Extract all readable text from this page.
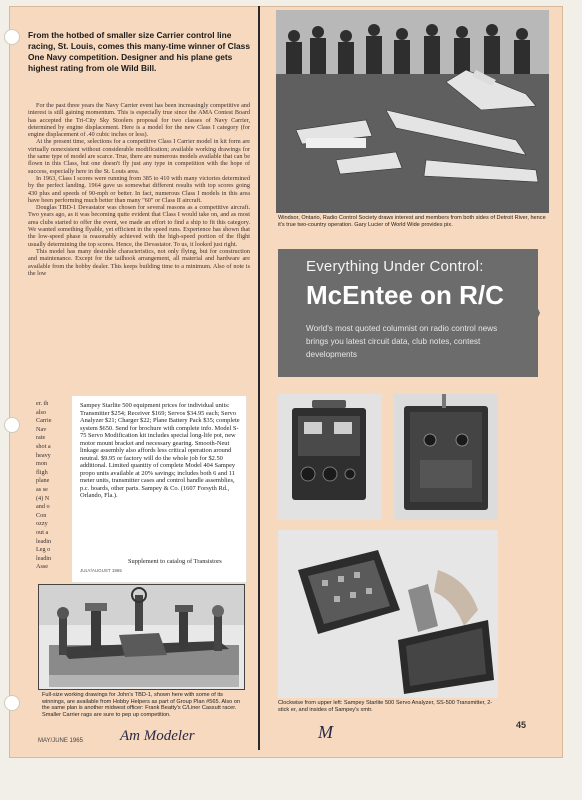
From the hotbed of smaller size Carrier control line racing, St. Louis, comes this many-time winner of Class One Navy competition. Designer and his plane gets highest rating from ole Wild Bill.

For the past three years the Navy Carrier event has been increasingly competitive and interest is still gaining momentum. This is especially true since the AMA Contest Board has accepted the Tri-City Sky Stoolers proposal for two classes of Navy Carrier, determined by engine displacement. Here is a model for the new Class I category (for engine displacement of .40 cubic inches or less).

At the present time, selections for a competitive Class I Carrier model in kit form are virtually nonexistent without considerable modification; available working drawings for the same type of model are scarce. True, there are numerous models available that can be flown in this Class, but one doesn't fly just any type in competition with the hope of success, especially here in the St. Louis area.

In 1963, Class I scores were running from 385 to 410 with many victories determined by the perfect landing. 1964 gave us somewhat different results with top scores going 430 plus and speeds of 90-mph or better. In fact, numerous Class I models in this area have been performing much better than many "60" or Class II aircraft.

Douglas TBD-1 Devastator was chosen for several reasons as a competitive aircraft. Two years ago, as it was becoming quite evident that Class I would take on, and as most area clubs started to offer the event, we made an effort to find a ship to fit this category. We wanted something flyable, yet efficient in the speed runs. Experience has shown that the low-speed phase is reasonably achieved with the high-speed portion of the flight usually determining the top scores. Hence, the Devastator. To us, it looked just right.

This model has many desirable characteristics, not only flying, but for construction and maintenance. Except for the tailhook arrangement, all material and hardware are available from the hobby dealer. This keeps building time to a minimum. Also of note is the low

er. th
also
Carrie
Nav
rate
shot a
heavy
mon
fligh
plane
as se
(4) N
and o
Con
ozzy
out a
leadin
Leg o
leadin
Asse
Sampey Starlite 500 equipment prices for individual units: Transmitter $254; Receiver $169; Servos $34.95 each; Servo Analyzer $21; Charger $22; Plane Battery Pack $35; complete system $650. Send for brochure with complete info. Model S-75 Servo Modification kit includes special long-life pot, new motor mount bracket and necessary gearing. Smooth-Neut linkage assembly also affords less critical operation around neutral. $9.95 or factory will do the whole job for $2.50 additional. Limited quantity of complete Model 404 Sampey propo units available at 20% savings; includes both 6 and 11 meter units, transmitter cases and control handle assemblies, p.c. boards, other parts. Sampey & Co. (1607 Forsyth Rd., Orlando, Fla.).
Supplement to catalog of Transistors
JULY/AUGUST 1965
Full-size working drawings for John's TBD-1, shown here with some of its winnings, are available from Hobby Helpers as part of Group Plan #565. Also on the same plan is another midwest officer: Frank Beatty's C/Liner Cassutt racer. Smaller Carrier rags are sure to pep up competition.
MAY/JUNE 1965 Am Modeler	M	45
Windsor, Ontario, Radio Control Society draws interest and members from both sides of Detroit River, hence it's true two-country operation. Gary Lucier of World Wide provides pix.
Everything Under Control:
McEntee on R/C
World's most quoted columnist on radio control news brings you latest circuit data, club notes, contest developments
Clockwise from upper left: Sampey Starlite 500 Servo Analyzer, SS-500 Transmitter, 2-stick er, and insides of Sampey's xmtr.
